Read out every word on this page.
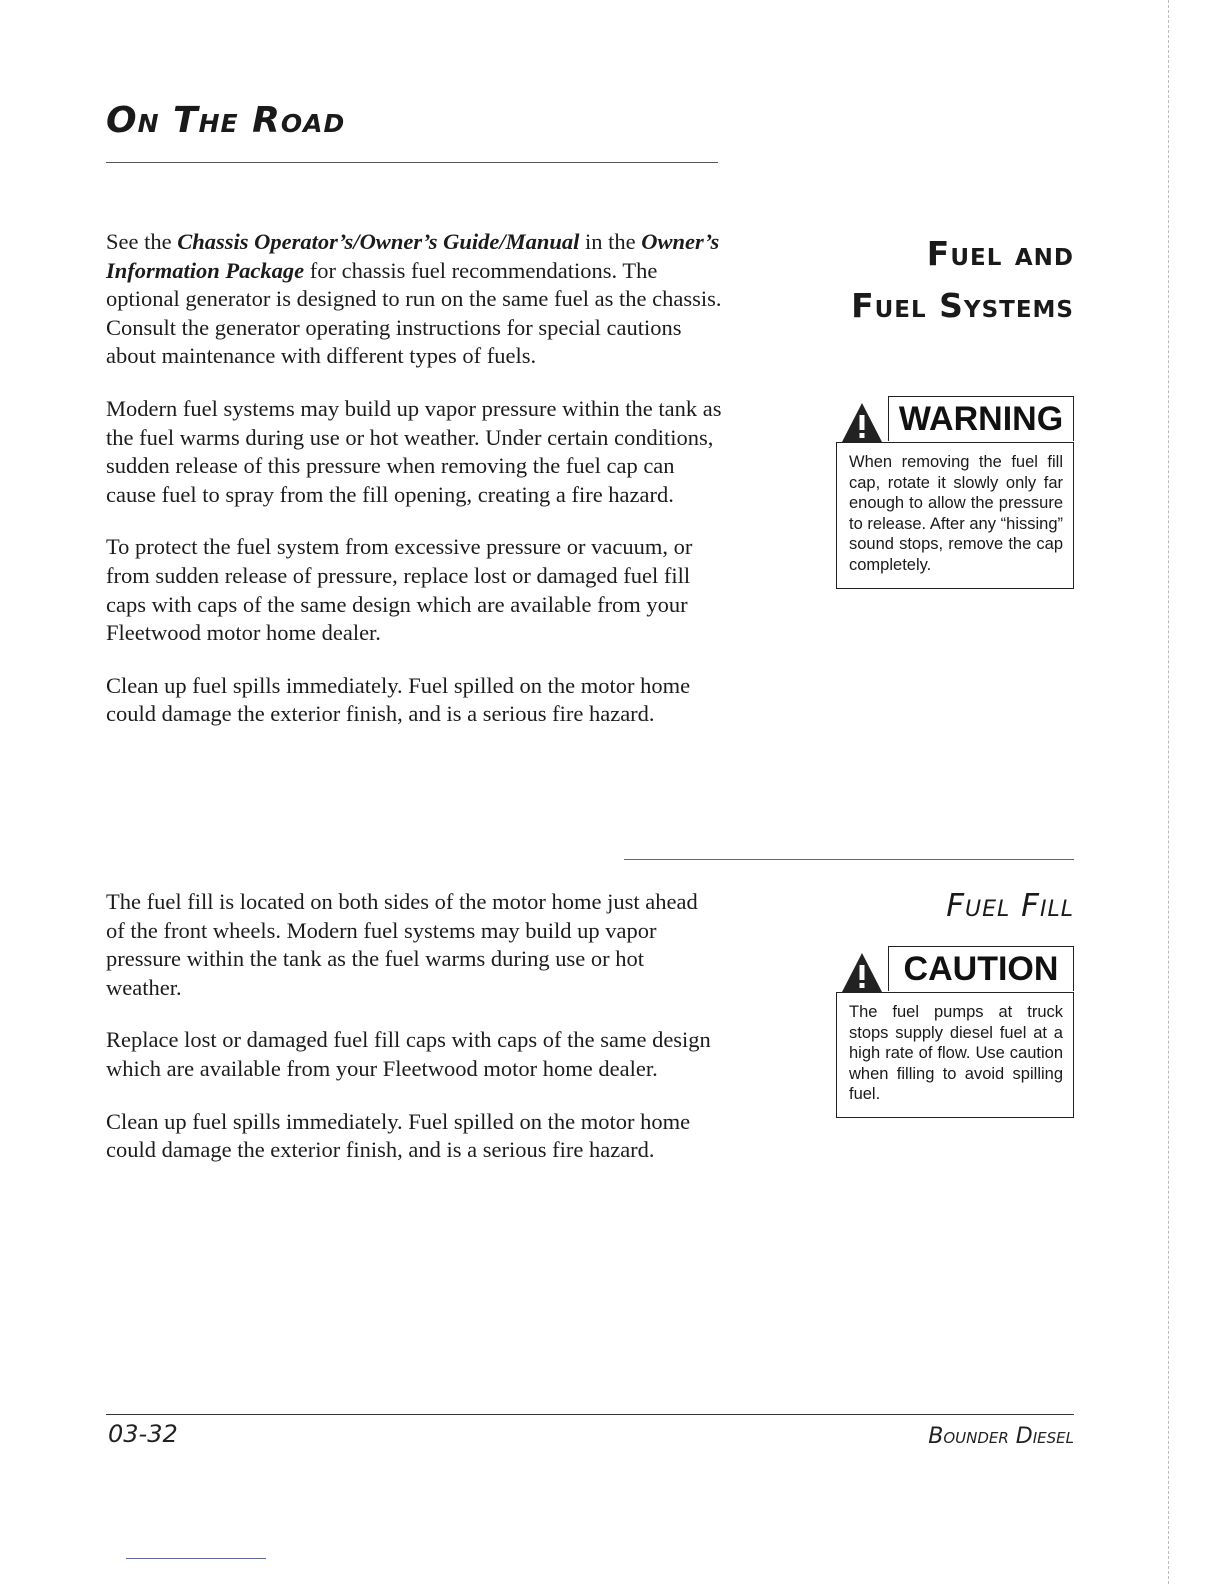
On The Road

See the Chassis Operator’s/Owner’s Guide/Manual in the Owner’s Information Package for chassis fuel recommendations. The optional generator is designed to run on the same fuel as the chassis. Consult the generator operating instructions for special cautions about maintenance with different types of fuels.

Modern fuel systems may build up vapor pressure within the tank as the fuel warms during use or hot weather. Under certain conditions, sudden release of this pressure when removing the fuel cap can cause fuel to spray from the fill opening, creating a fire hazard.

To protect the fuel system from excessive pressure or vacuum, or from sudden release of pressure, replace lost or damaged fuel fill caps with caps of the same design which are available from your Fleetwood motor home dealer.

Clean up fuel spills immediately. Fuel spilled on the motor home could damage the exterior finish, and is a serious fire hazard.

Fuel and
Fuel Systems
WARNING
When removing the fuel fill cap, rotate it slowly only far enough to allow the pressure to release. After any “hissing” sound stops, remove the cap completely.

The fuel fill is located on both sides of the motor home just ahead of the front wheels. Modern fuel systems may build up vapor pressure within the tank as the fuel warms during use or hot weather.

Replace lost or damaged fuel fill caps with caps of the same design which are available from your Fleetwood motor home dealer.

Clean up fuel spills immediately. Fuel spilled on the motor home could damage the exterior finish, and is a serious fire hazard.

Fuel Fill
CAUTION
The fuel pumps at truck stops supply diesel fuel at a high rate of flow. Use caution when filling to avoid spilling fuel.
03-32	Bounder Diesel
